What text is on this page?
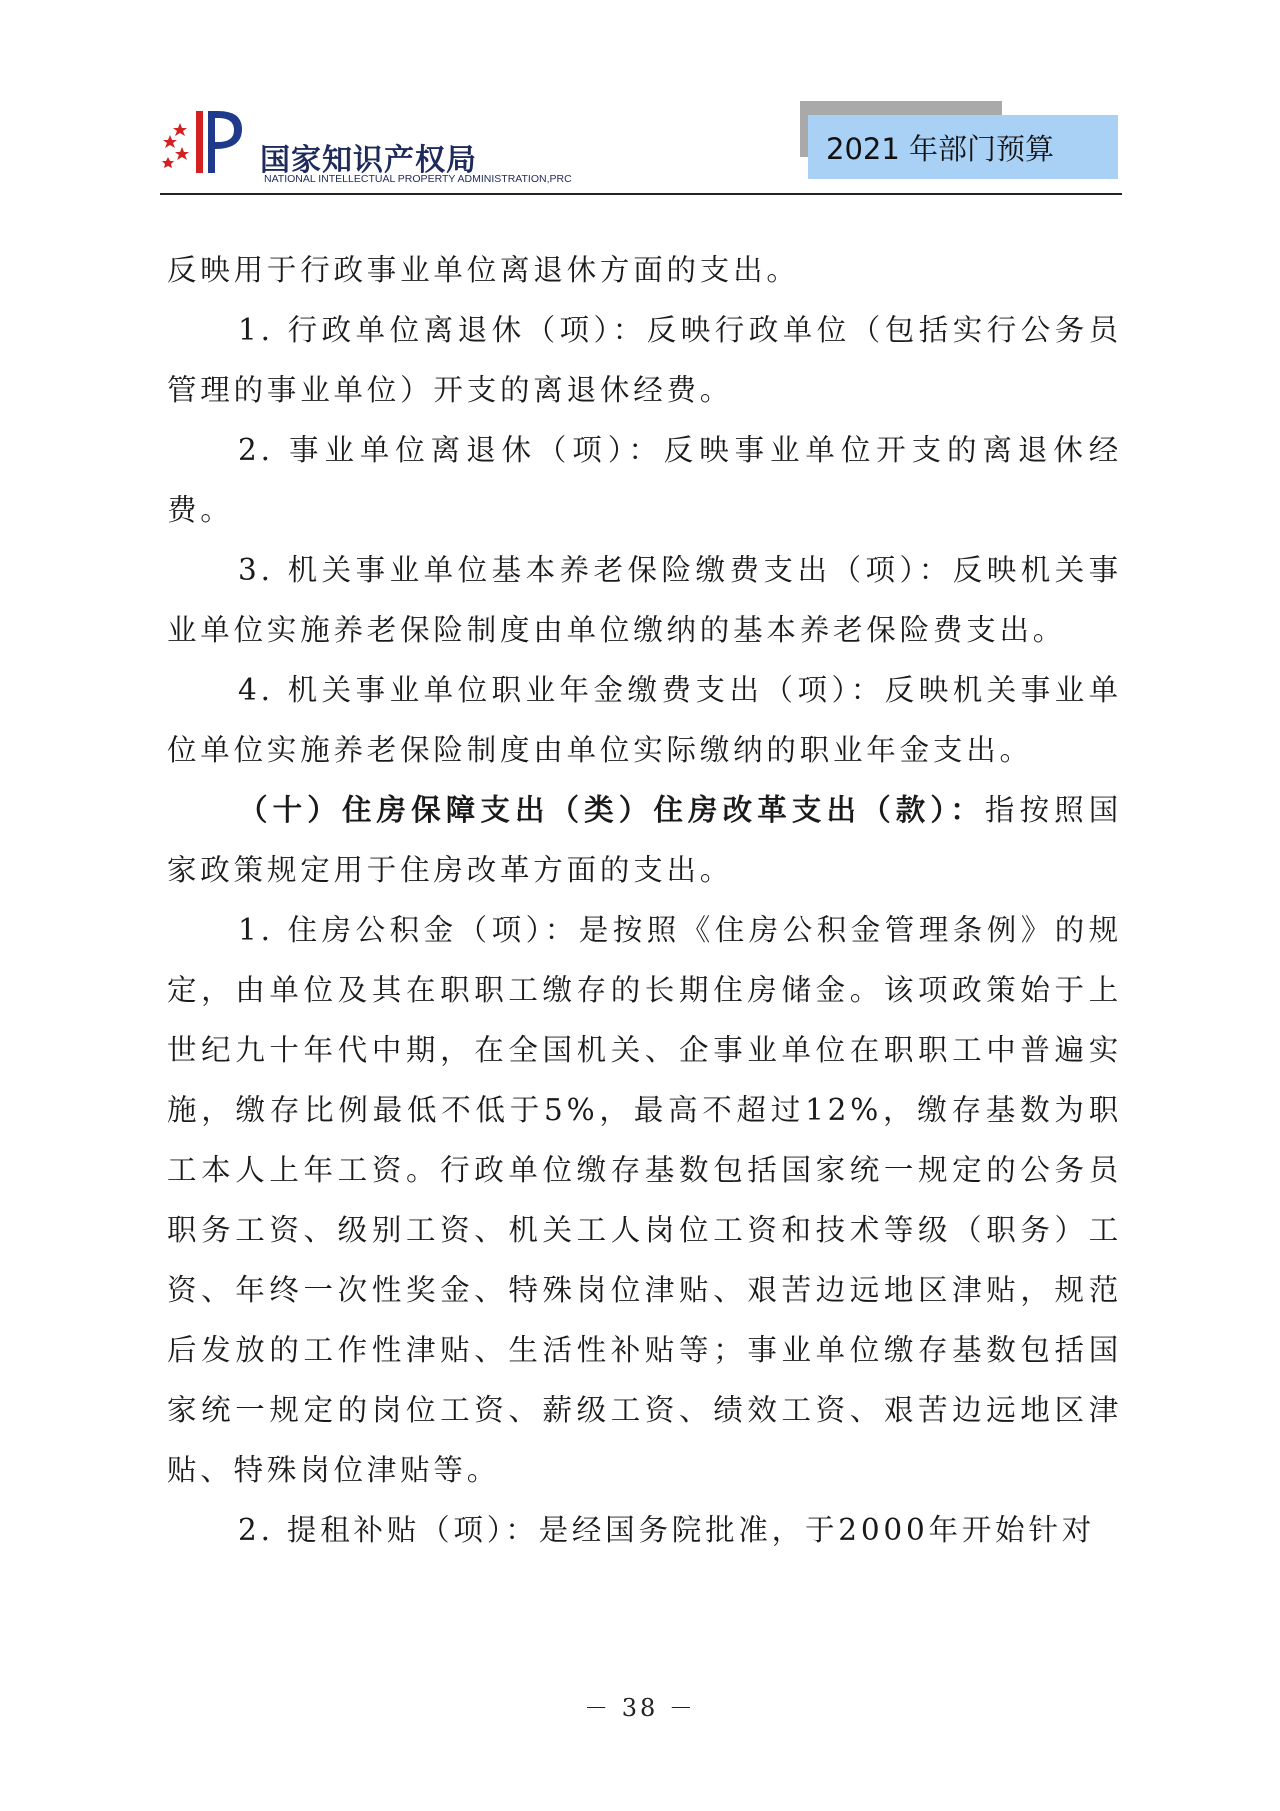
国家知识产权局
NATIONAL INTELLECTUAL PROPERTY ADMINISTRATION,PRC
2021 年部门预算

反映用于行政事业单位离退休方面的支出。

1. 行政单位离退休（项）：反映行政单位（包括实行公务员管理的事业单位）开支的离退休经费。

2. 事业单位离退休（项）：反映事业单位开支的离退休经费。

3. 机关事业单位基本养老保险缴费支出（项）：反映机关事业单位实施养老保险制度由单位缴纳的基本养老保险费支出。

4. 机关事业单位职业年金缴费支出（项）：反映机关事业单位单位实施养老保险制度由单位实际缴纳的职业年金支出。

（十）住房保障支出（类）住房改革支出（款）：指按照国家政策规定用于住房改革方面的支出。

1. 住房公积金（项）：是按照《住房公积金管理条例》的规定，由单位及其在职职工缴存的长期住房储金。该项政策始于上世纪九十年代中期，在全国机关、企事业单位在职职工中普遍实施，缴存比例最低不低于5%，最高不超过12%，缴存基数为职工本人上年工资。行政单位缴存基数包括国家统一规定的公务员职务工资、级别工资、机关工人岗位工资和技术等级（职务）工资、年终一次性奖金、特殊岗位津贴、艰苦边远地区津贴，规范后发放的工作性津贴、生活性补贴等；事业单位缴存基数包括国家统一规定的岗位工资、薪级工资、绩效工资、艰苦边远地区津贴、特殊岗位津贴等。

2. 提租补贴（项）：是经国务院批准，于2000年开始针对

－ 38 －
